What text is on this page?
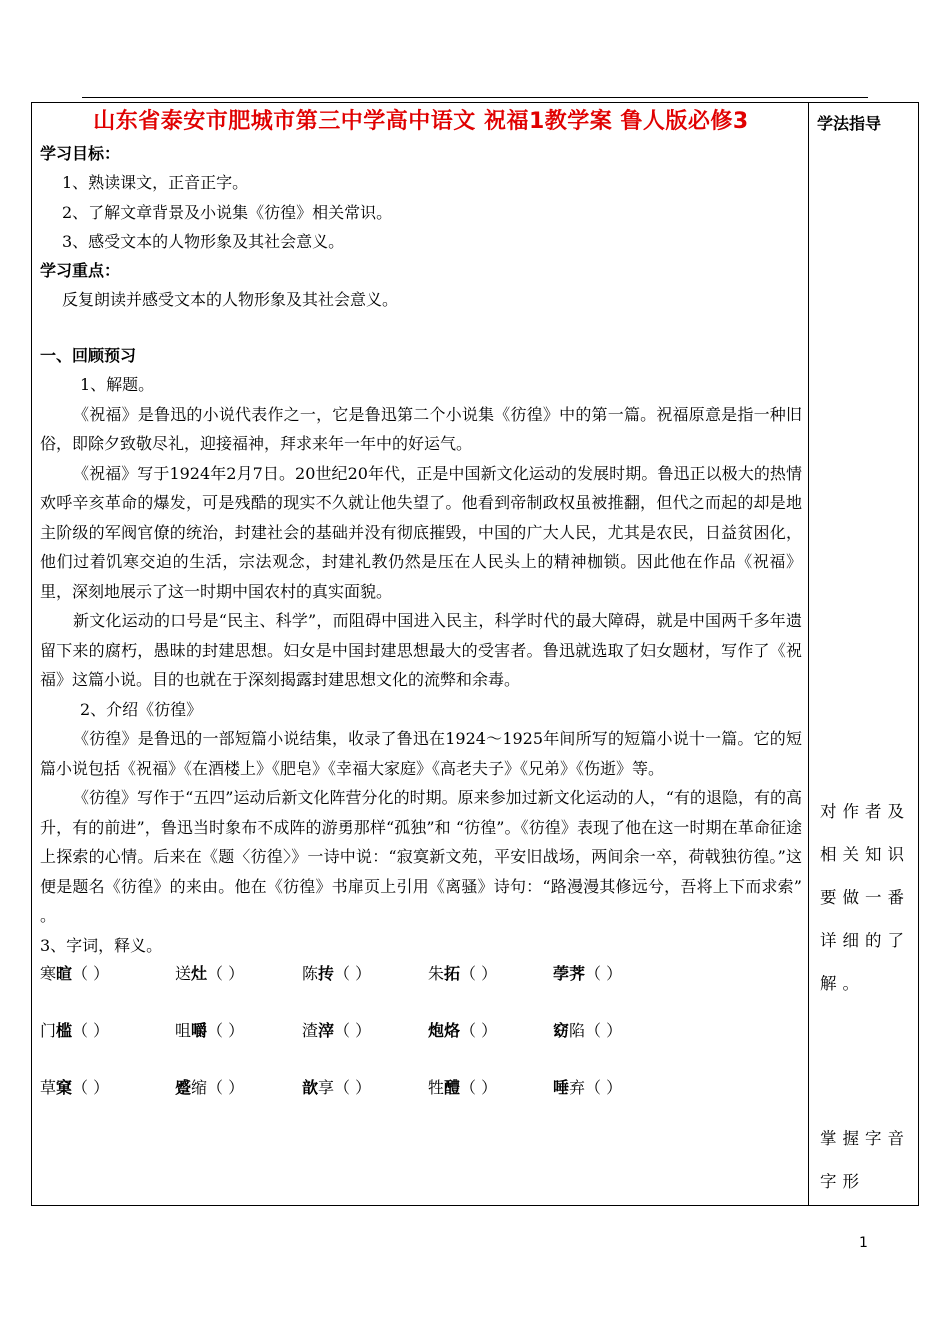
山东省泰安市肥城市第三中学高中语文 祝福1教学案 鲁人版必修3
学习目标：
1、熟读课文，正音正字。
2、了解文章背景及小说集《彷徨》相关常识。
3、感受文本的人物形象及其社会意义。
学习重点：
反复朗读并感受文本的人物形象及其社会意义。
一、回顾预习
1、解题。
《祝福》是鲁迅的小说代表作之一，它是鲁迅第二个小说集《彷徨》中的第一篇。祝福原意是指一种旧俗，即除夕致敬尽礼，迎接福神，拜求来年一年中的好运气。
《祝福》写于1924年2月7日。20世纪20年代，正是中国新文化运动的发展时期。鲁迅正以极大的热情欢呼辛亥革命的爆发，可是残酷的现实不久就让他失望了。他看到帝制政权虽被推翻，但代之而起的却是地主阶级的军阀官僚的统治，封建社会的基础并没有彻底摧毁，中国的广大人民，尤其是农民，日益贫困化，他们过着饥寒交迫的生活，宗法观念，封建礼教仍然是压在人民头上的精神枷锁。因此他在作品《祝福》里，深刻地展示了这一时期中国农村的真实面貌。
新文化运动的口号是“民主、科学”，而阻碍中国进入民主，科学时代的最大障碍，就是中国两千多年遗留下来的腐朽，愚昧的封建思想。妇女是中国封建思想最大的受害者。鲁迅就选取了妇女题材，写作了《祝福》这篇小说。目的也就在于深刻揭露封建思想文化的流弊和余毒。
2、介绍《彷徨》
《彷徨》是鲁迅的一部短篇小说结集，收录了鲁迅在1924～1925年间所写的短篇小说十一篇。它的短篇小说包括《祝福》《在酒楼上》《肥皂》《幸福大家庭》《高老夫子》《兄弟》《伤逝》等。
《彷徨》写作于“五四”运动后新文化阵营分化的时期。原来参加过新文化运动的人，“有的退隐，有的高升，有的前进”，鲁迅当时象布不成阵的游勇那样“孤独”和 “彷徨”。《彷徨》表现了他在这一时期在革命征途上探索的心情。后来在《题〈彷徨〉》一诗中说：“寂寞新文苑，平安旧战场，两间余一卒，荷戟独彷徨。”这便是题名《彷徨》的来由。他在《彷徨》书扉页上引用《离骚》诗句：“路漫漫其修远兮，吾将上下而求索” 。
3、字词，释义。
寒暄（ ）	送灶（ ）	陈抟（ ）	朱拓（ ）	荸荠（ ）
门槛（ ）	咀嚼（ ）	渣滓（ ）	炮烙（ ）	窈陷（ ）
草窠（ ）	蹙缩（ ）	歆享（ ）	牲醴（ ）	唾弃（ ）
学法指导
对作者及相关知识要做一番详细的了解。
掌握字音字形
1
